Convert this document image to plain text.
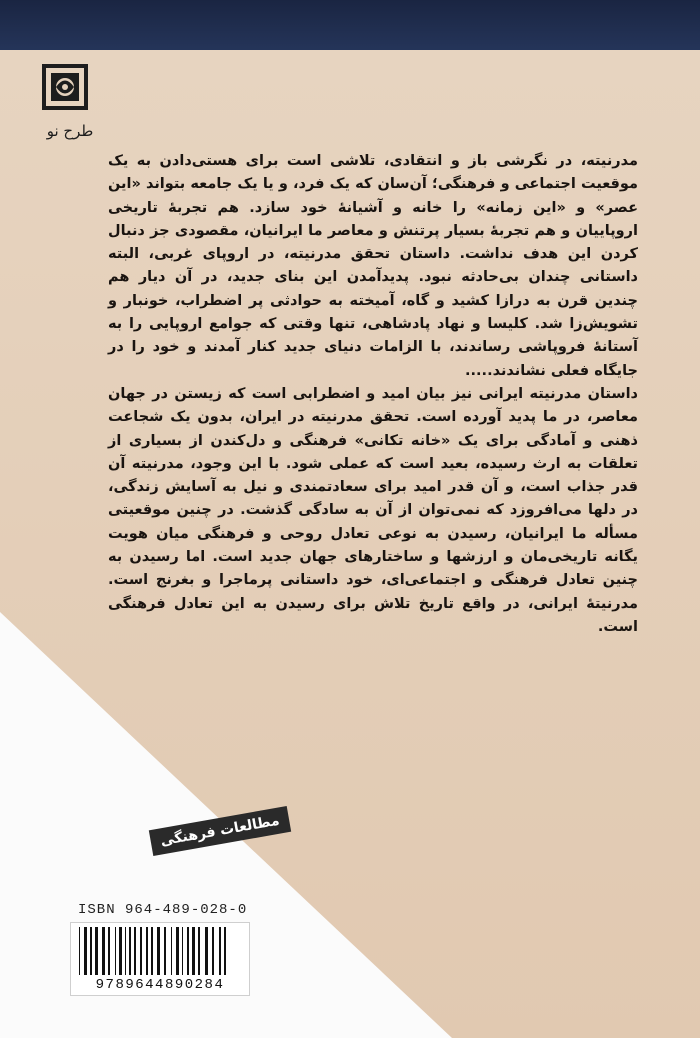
طرح نو

مدرنیته، در نگرشی باز و انتقادی، تلاشی است برای هستی‌دادن به یک موقعیت اجتماعی و فرهنگی؛ آن‌سان که یک فرد، و یا یک جامعه بتواند «این عصر» و «این زمانه» را خانه و آشیانهٔ خود سازد. هم تجربهٔ تاریخی اروپاییان و هم تجربهٔ بسیار پرتنش و معاصر ما ایرانیان، مقصودی جز دنبال کردن این هدف نداشت. داستان تحقق مدرنیته، در اروپای غربی، البته داستانی چندان بی‌حادثه نبود. پدیدآمدن این بنای جدید، در آن دیار هم چندین قرن به درازا کشید و گاه، آمیخته به حوادثی پر اضطراب، خونبار و تشویش‌زا شد. کلیسا و نهاد پادشاهی، تنها وقتی که جوامع اروپایی را به آستانهٔ فروپاشی رساندند، با الزامات دنیای جدید کنار آمدند و خود را در جایگاه فعلی نشاندند.....

داستان مدرنیته ایرانی نیز بیان امید و اضطرابی است که زیستن در جهان معاصر، در ما پدید آورده است. تحقق مدرنیته در ایران، بدون یک شجاعت ذهنی و آمادگی برای یک «خانه تکانی» فرهنگی و دل‌کندن از بسیاری از تعلقات به ارث رسیده، بعید است که عملی شود. با این وجود، مدرنیته آن قدر جذاب است، و آن قدر امید برای سعادتمندی و نیل به آسایش زندگی، در دلها می‌افروزد که نمی‌توان از آن به سادگی گذشت. در چنین موقعیتی مسأله ما ایرانیان، رسیدن به نوعی تعادل روحی و فرهنگی میان هویت یگانه تاریخی‌مان و ارزشها و ساختارهای جهان جدید است. اما رسیدن به چنین تعادل فرهنگی و اجتماعی‌ای، خود داستانی پرماجرا و بغرنج است. مدرنیتهٔ ایرانی، در واقع تاریخ تلاش برای رسیدن به این تعادل فرهنگی است.

مطالعات فرهنگی
ISBN 964-489-028-0
9789644890284
